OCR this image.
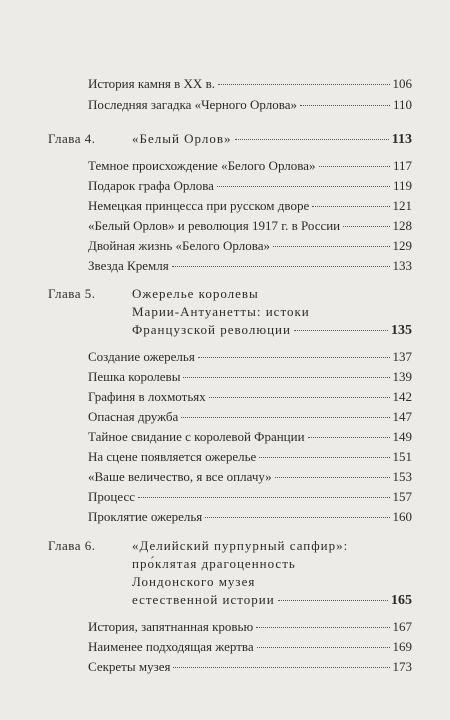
История камня в XX в.	106
Последняя загадка «Черного Орлова»	110
Глава 4.	«Белый Орлов»	113
Темное происхождение «Белого Орлова»	117
Подарок графа Орлова	119
Немецкая принцесса при русском дворе	121
«Белый Орлов» и революция 1917 г. в России	128
Двойная жизнь «Белого Орлова»	129
Звезда Кремля	133
Глава 5.	Ожерелье королевы
Марии-Антуанетты: истоки
Французской революции	135
Создание ожерелья	137
Пешка королевы	139
Графиня в лохмотьях	142
Опасная дружба	147
Тайное свидание с королевой Франции	149
На сцене появляется ожерелье	151
«Ваше величество, я все оплачу»	153
Процесс	157
Проклятие ожерелья	160
Глава 6.	«Делийский пурпурный сапфир»:
про́клятая драгоценность
Лондонского музея
естественной истории	165
История, запятнанная кровью	167
Наименее подходящая жертва	169
Секреты музея	173
